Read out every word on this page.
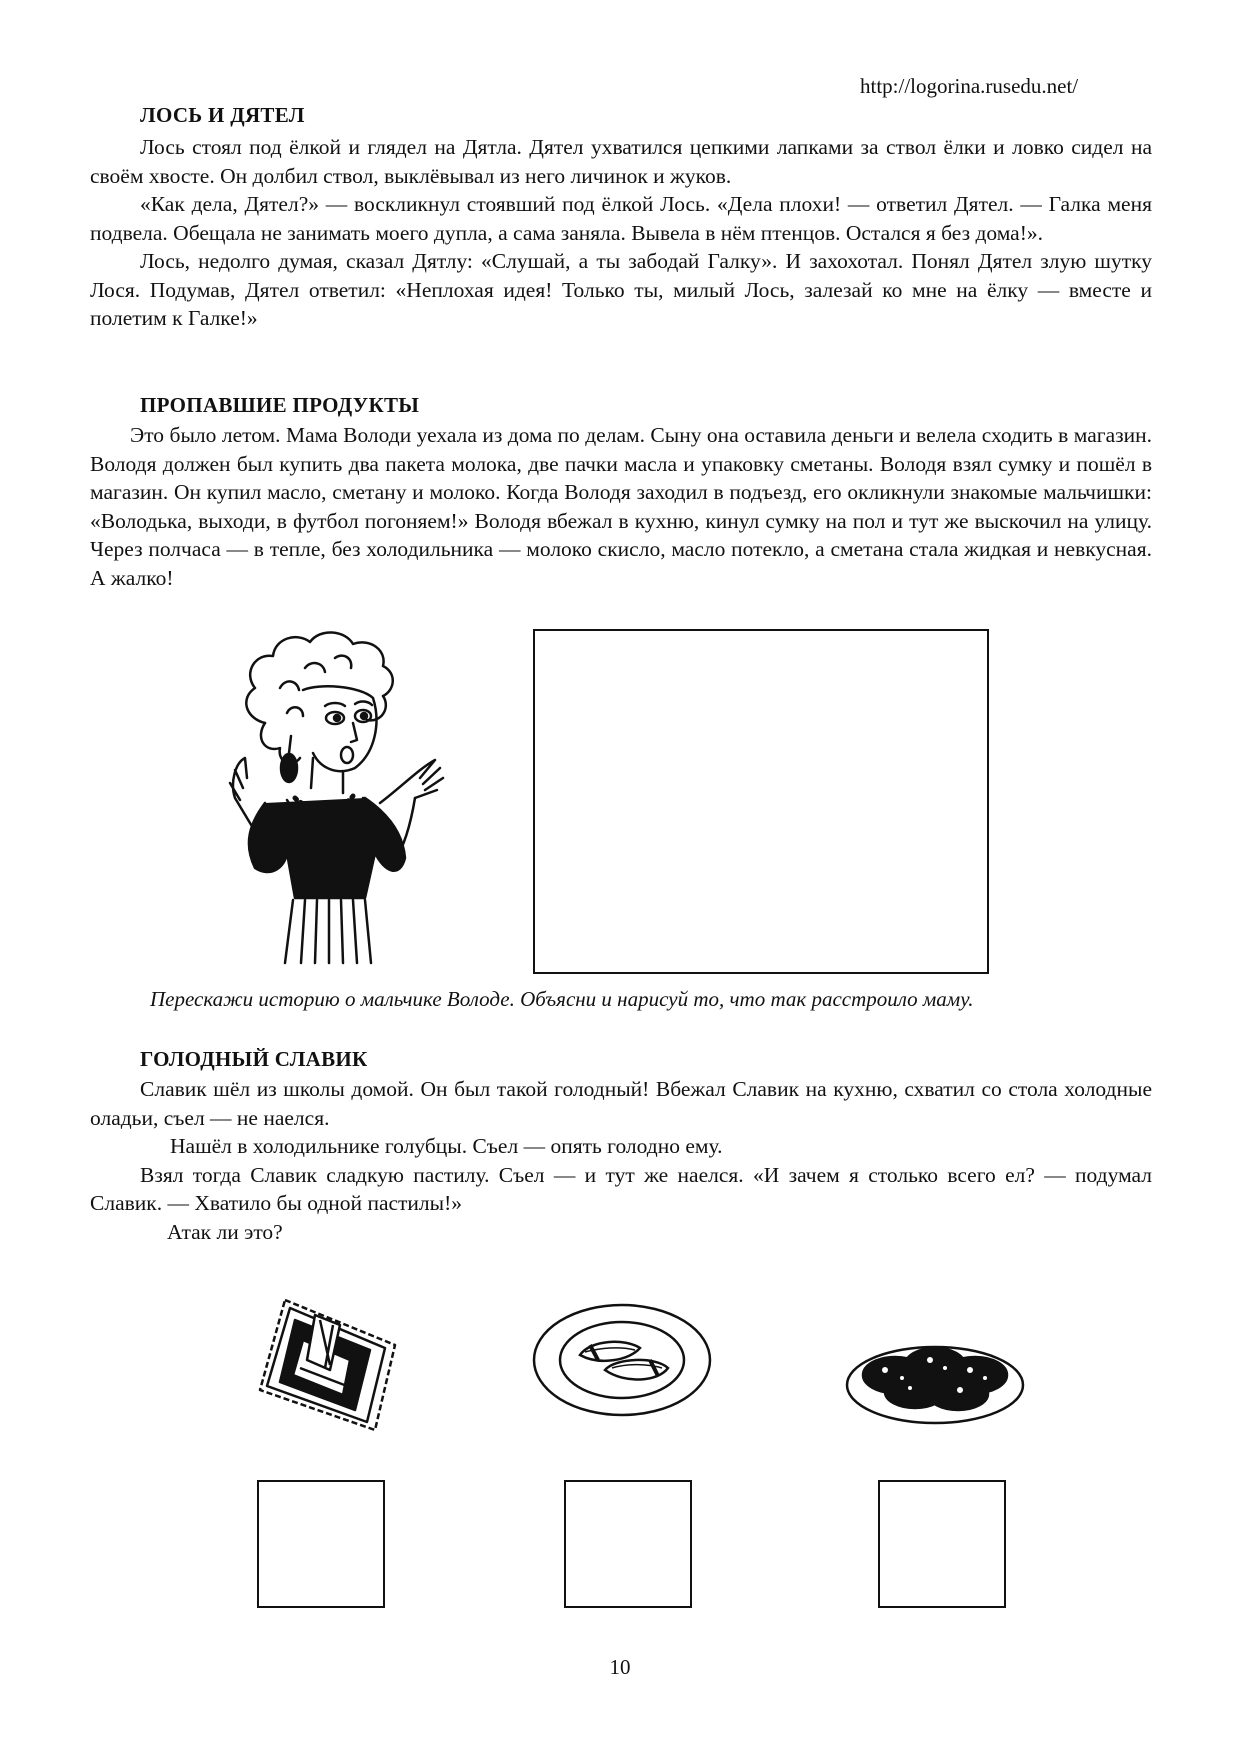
http://logorina.rusedu.net/
ЛОСЬ И ДЯТЕЛ

Лось стоял под ёлкой и глядел на Дятла. Дятел ухватился цепкими лапками за ствол ёлки и ловко сидел на своём хвосте. Он долбил ствол, выклёвывал из него личинок и жуков.

«Как дела, Дятел?» — воскликнул стоявший под ёлкой Лось. «Дела плохи! — ответил Дятел. — Галка меня подвела. Обещала не занимать моего дупла, а сама заняла. Вывела в нём птенцов. Остался я без дома!».

Лось, недолго думая, сказал Дятлу: «Слушай, а ты забодай Галку». И захохотал. Понял Дятел злую шутку Лося. Подумав, Дятел ответил: «Неплохая идея! Только ты, милый Лось, залезай ко мне на ёлку — вместе и полетим к Галке!»

ПРОПАВШИЕ ПРОДУКТЫ

Это было летом. Мама Володи уехала из дома по делам. Сыну она оставила деньги и велела сходить в магазин. Володя должен был купить два пакета молока, две пачки масла и упаковку сметаны. Володя взял сумку и пошёл в магазин. Он купил масло, сметану и молоко. Когда Володя заходил в подъезд, его окликнули знакомые мальчишки: «Володька, выходи, в футбол погоняем!» Володя вбежал в кухню, кинул сумку на пол и тут же выскочил на улицу. Через полчаса — в тепле, без холодильника — молоко скисло, масло потекло, а сметана стала жидкая и невкусная. А жалко!

Перескажи историю о мальчике Володе. Объясни и нарисуй то, что так расстроило маму.
ГОЛОДНЫЙ СЛАВИК

Славик шёл из школы домой. Он был такой голодный! Вбежал Славик на кухню, схватил со стола холодные оладьи, съел — не наелся.

Нашёл в холодильнике голубцы. Съел — опять голодно ему.

Взял тогда Славик сладкую пастилу. Съел — и тут же наелся. «И зачем я столько всего ел? — подумал Славик. — Хватило бы одной пастилы!»

Атак ли это?

10
